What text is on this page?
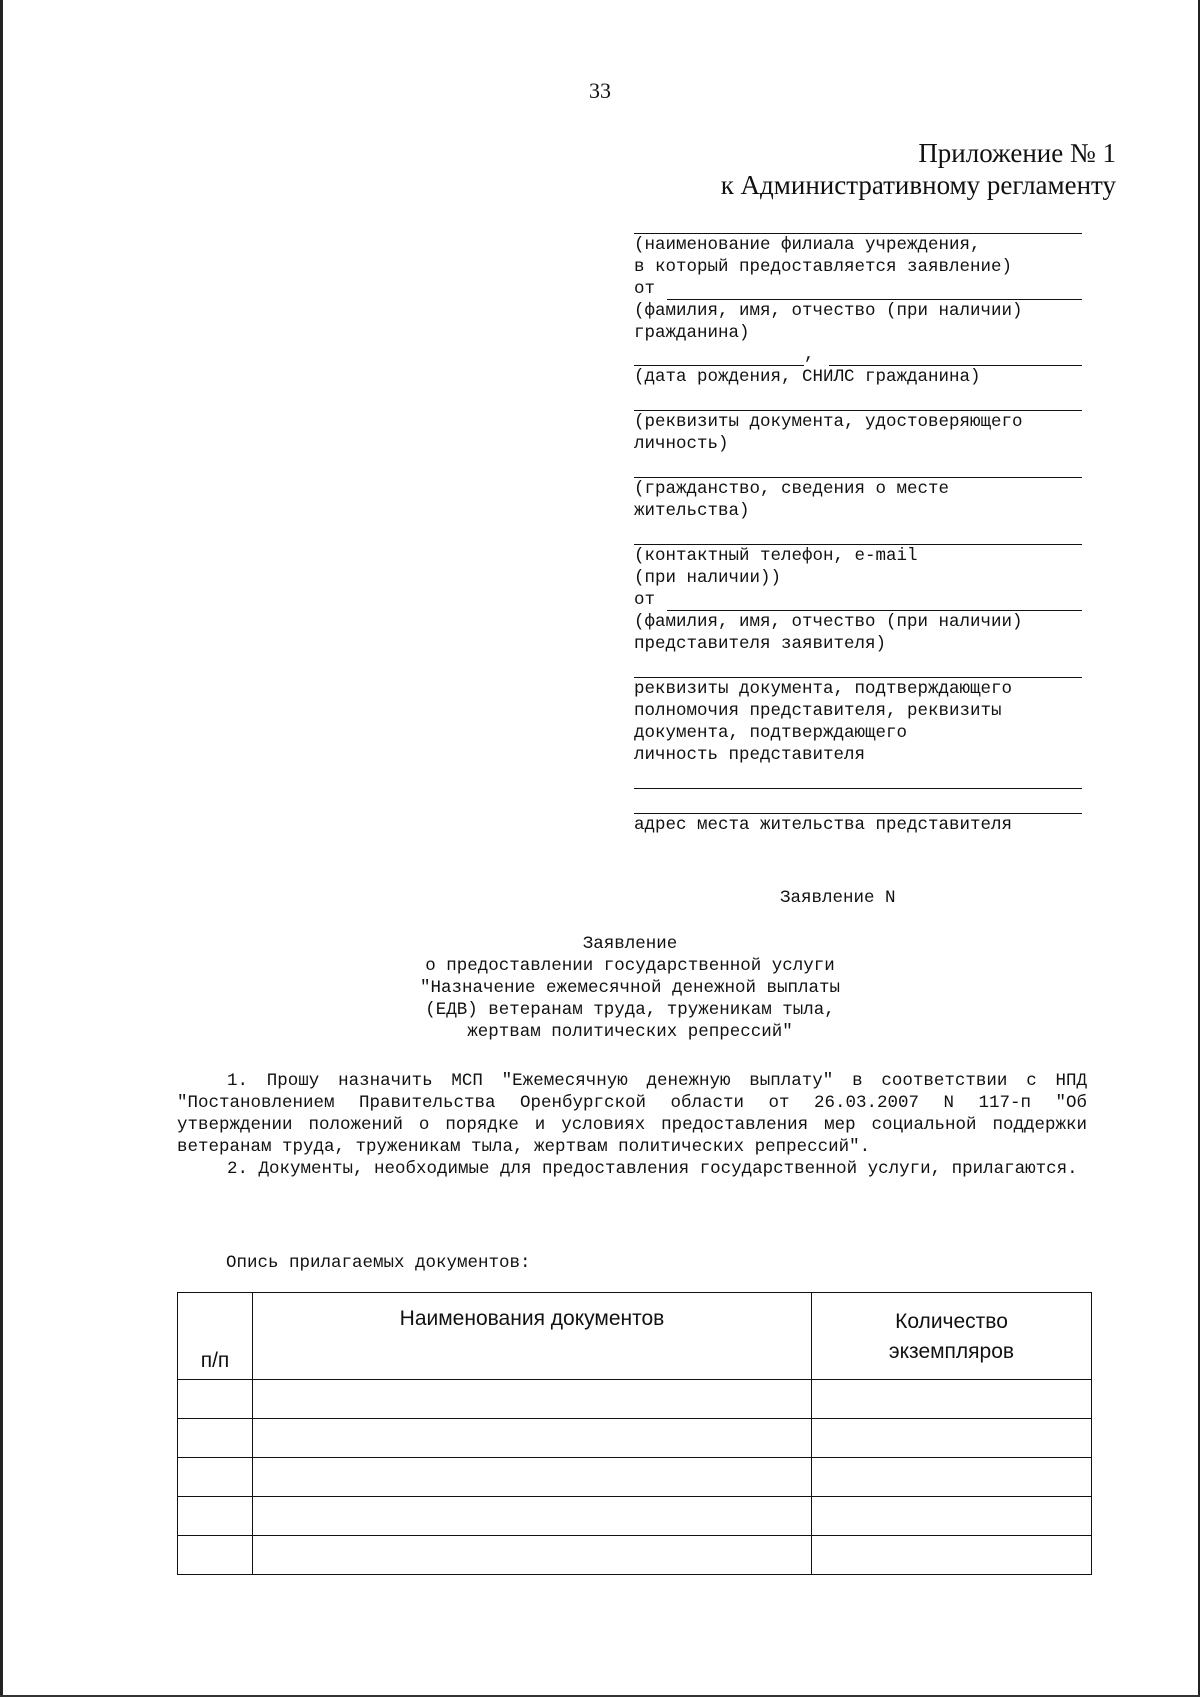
33
Приложение № 1
к Административному регламенту
(наименование филиала учреждения,
в который предоставляется заявление)
от
(фамилия, имя, отчество (при наличии)
гражданина)
,
(дата рождения, СНИЛС гражданина)
(реквизиты документа, удостоверяющего
личность)
(гражданство, сведения о месте
жительства)
(контактный телефон, e-mail
(при наличии))
от
(фамилия, имя, отчество (при наличии)
представителя заявителя)
реквизиты документа, подтверждающего
полномочия представителя, реквизиты
документа, подтверждающего
личность представителя
адрес места жительства представителя
Заявление N
Заявление
о предоставлении государственной услуги
"Назначение ежемесячной денежной выплаты
(ЕДВ) ветеранам труда, труженикам тыла,
жертвам политических репрессий"

1. Прошу назначить МСП "Ежемесячную денежную выплату" в соответствии с НПД "Постановлением Правительства Оренбургской области от 26.03.2007 N 117-п "Об утверждении положений о порядке и условиях предоставления мер социальной поддержки ветеранам труда, труженикам тыла, жертвам политических репрессий".

2. Документы, необходимые для предоставления государственной услуги, прилагаются.

Опись прилагаемых документов:
п/п	Наименования документов	Количество
экземпляров
